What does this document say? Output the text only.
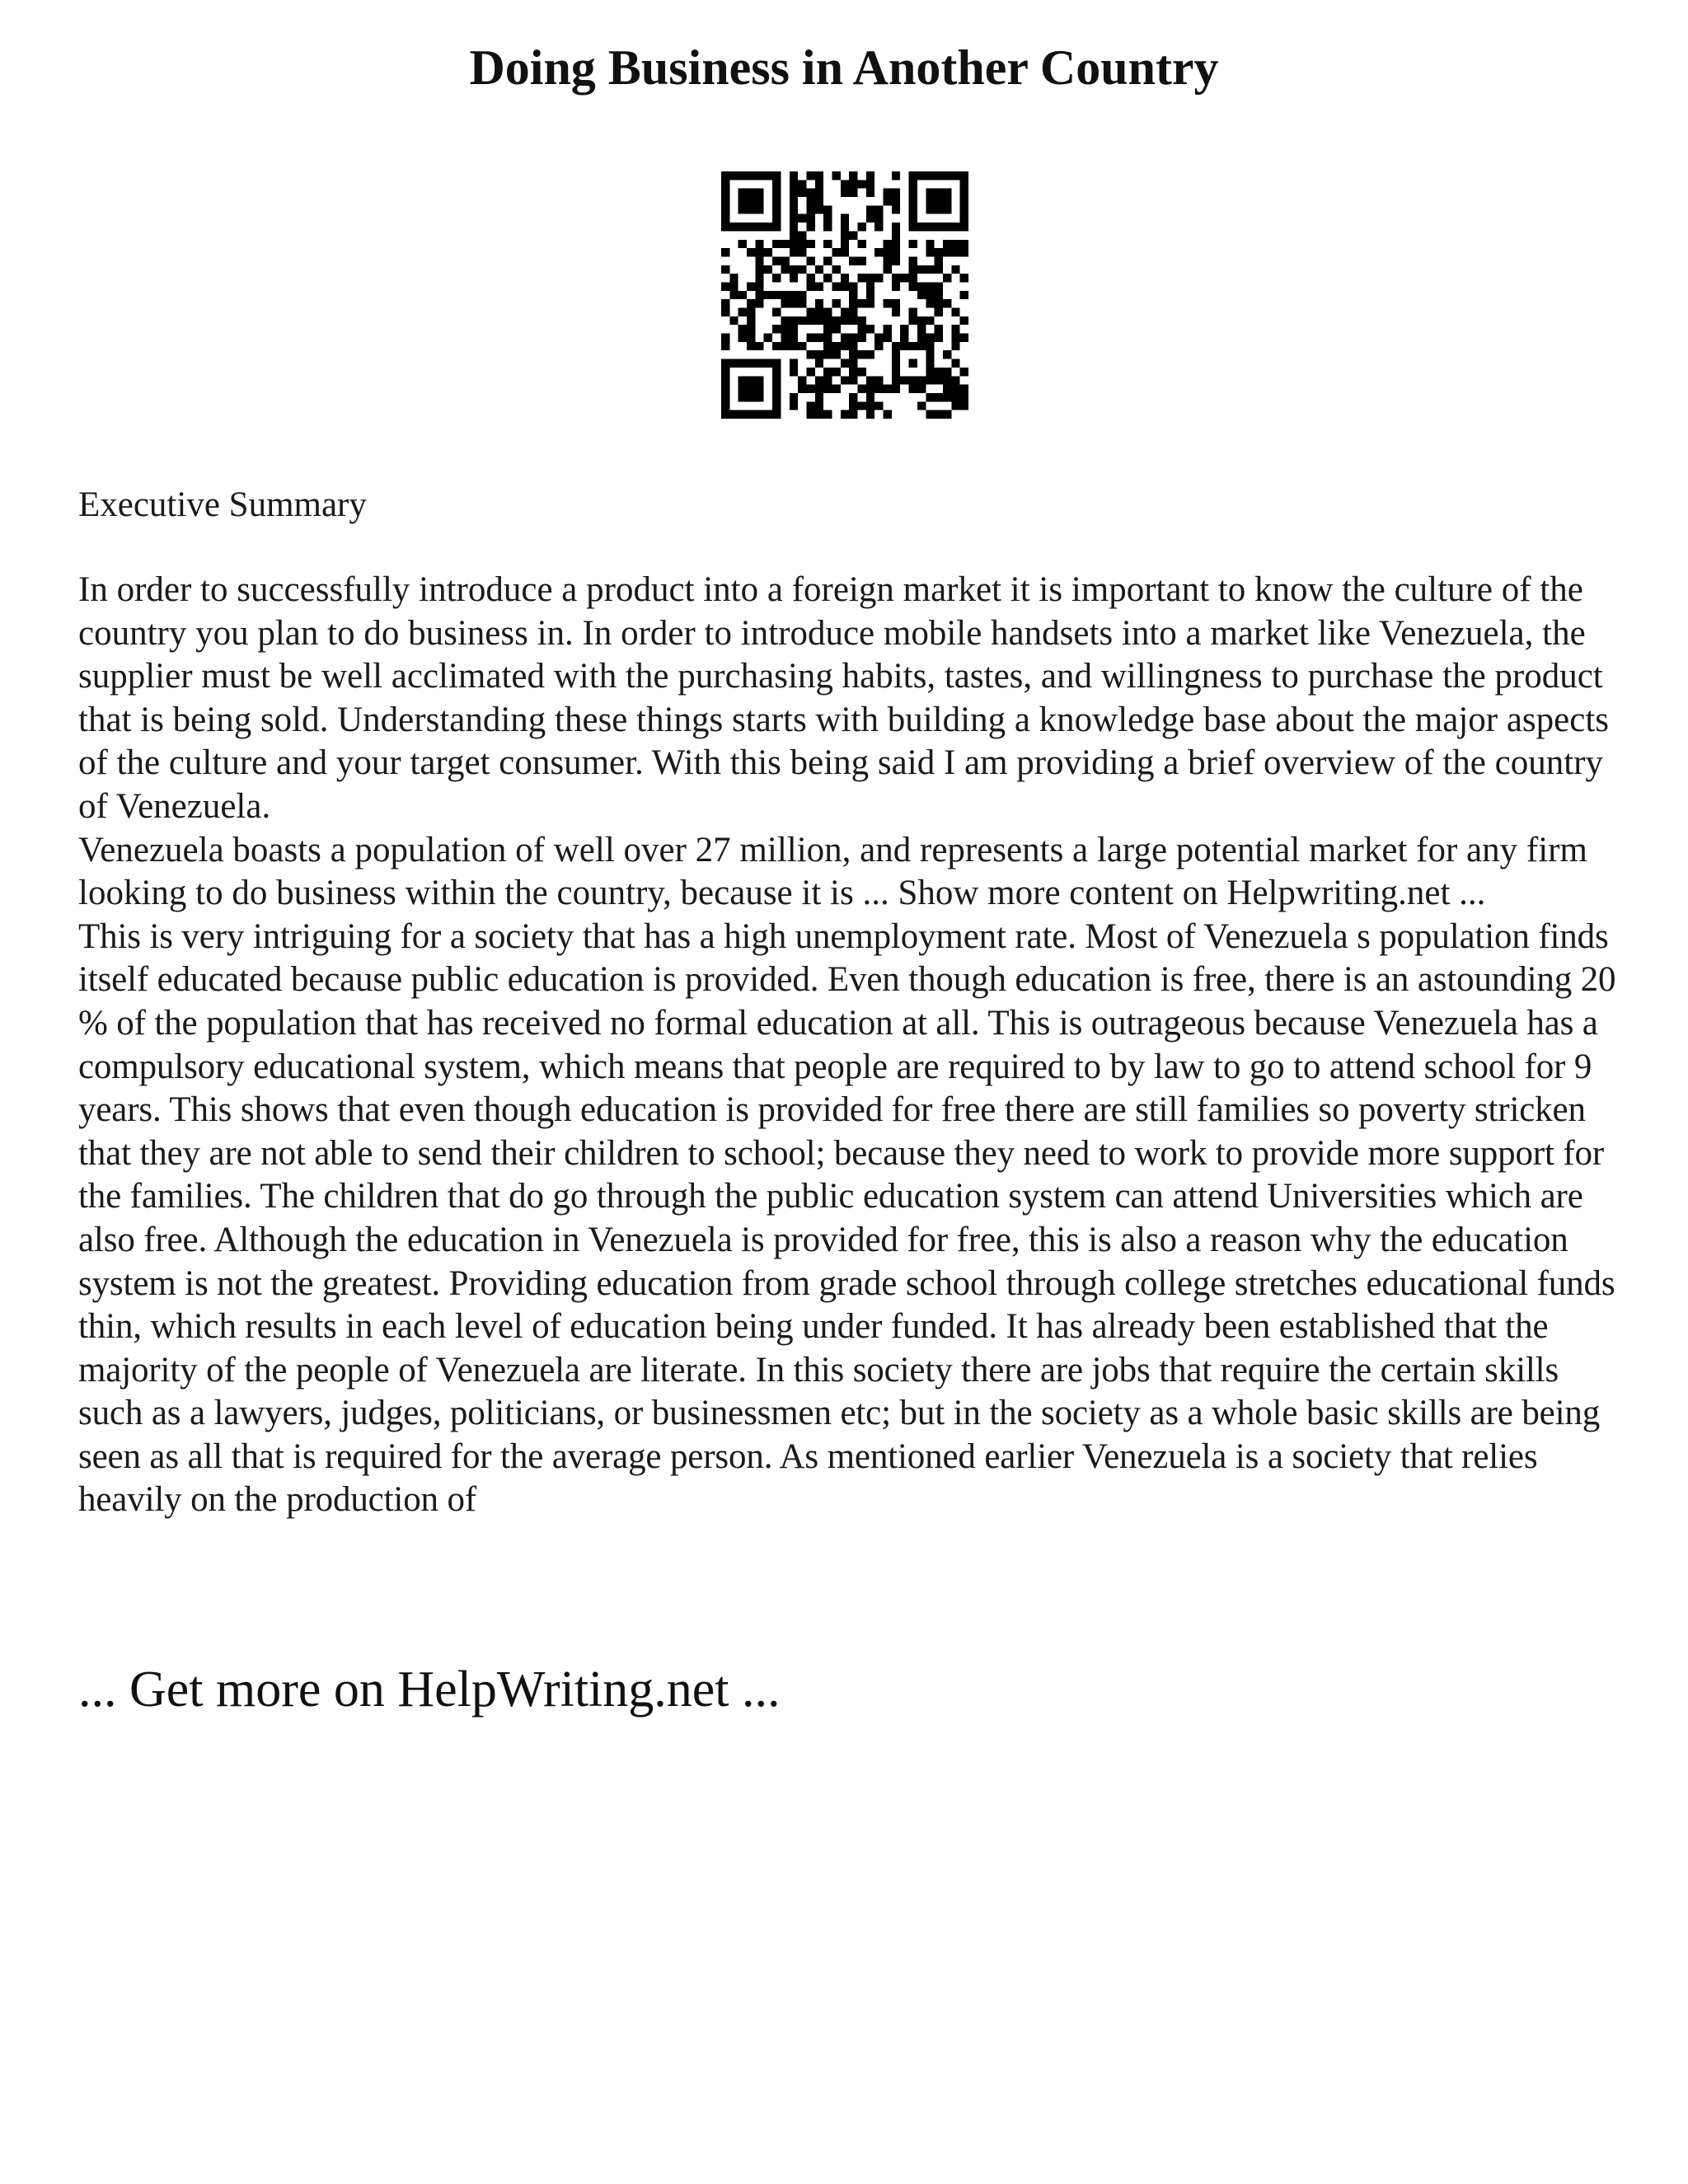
Doing Business in Another Country
Executive Summary

In order to successfully introduce a product into a foreign market it is important to know the culture of the country you plan to do business in. In order to introduce mobile handsets into a market like Venezuela, the supplier must be well acclimated with the purchasing habits, tastes, and willingness to purchase the product that is being sold. Understanding these things starts with building a knowledge base about the major aspects of the culture and your target consumer. With this being said I am providing a brief overview of the country of Venezuela.

Venezuela boasts a population of well over 27 million, and represents a large potential market for any firm looking to do business within the country, because it is ... Show more content on Helpwriting.net ...

This is very intriguing for a society that has a high unemployment rate. Most of Venezuela s population finds itself educated because public education is provided. Even though education is free, there is an astounding 20 % of the population that has received no formal education at all. This is outrageous because Venezuela has a compulsory educational system, which means that people are required to by law to go to attend school for 9 years. This shows that even though education is provided for free there are still families so poverty stricken that they are not able to send their children to school; because they need to work to provide more support for the families. The children that do go through the public education system can attend Universities which are also free. Although the education in Venezuela is provided for free, this is also a reason why the education system is not the greatest. Providing education from grade school through college stretches educational funds thin, which results in each level of education being under funded. It has already been established that the majority of the people of Venezuela are literate. In this society there are jobs that require the certain skills such as a lawyers, judges, politicians, or businessmen etc; but in the society as a whole basic skills are being seen as all that is required for the average person. As mentioned earlier Venezuela is a society that relies heavily on the production of

... Get more on HelpWriting.net ...
